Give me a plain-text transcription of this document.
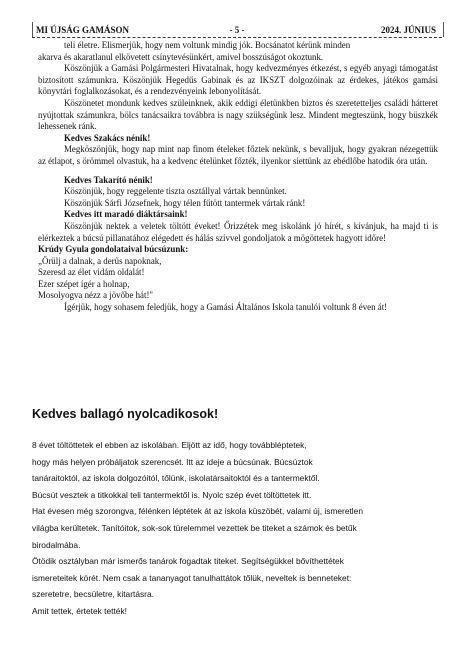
MI ÚJSÁG GAMÁSON	- 5 -	2024. JÚNIUS

teli életre. Elismerjük, hogy nem voltunk mindig jók. Bocsánatot kérünk minden

akarva és akaratlanul elkövetett csínytevésünkért, amivel bosszúságot okoztunk.

Köszönjük a Gamási Polgármesteri Hivatalnak, hogy kedvezményes étkezést, s egyéb anyagi támogatást biztosított számunkra. Köszönjük Hegedűs Gabinak és az IKSZT dolgozóinak az érdekes, játékos gamási könyvtári foglalkozásokat, és a rendezvényeink lebonyolítását.

Köszönetet mondunk kedves szüleinknek, akik eddigi életünkben biztos és szeretetteljes családi hátteret nyújtottak számunkra, bölcs tanácsaikra továbbra is nagy szükségünk lesz. Mindent megteszünk, hogy büszkék lehessenek ránk.

Kedves Szakács nénik!

Megköszönjük, hogy nap mint nap finom ételeket főztek nekünk, s bevalljuk, hogy gyakran nézegettük az étlapot, s örömmel olvastuk, ha a kedvenc ételünket főzték, ilyenkor siettünk az ebédlőbe hatodik óra után.

Kedves Takarító nénik!

Köszönjük, hogy reggelente tiszta osztállyal vártak bennünket.

Köszönjük Sárfi Józsefnek, hogy télen fűtött tantermek vártak ránk!

Kedves itt maradó diáktársaink!

Köszönjük nektek a veletek töltött éveket! Őrizzétek meg iskolánk jó hírét, s kívánjuk, ha majd ti is elérkeztek a búcsú pillanatához elégedett és hálás szívvel gondoljatok a mögöttetek hagyott időre!

Krúdy Gyula gondolataival búcsúzunk:

„Örülj a dalnak, a derűs napoknak,

Szeresd az élet vidám oldalát!

Ezer szépet ígér a holnap,

Mosolyogva nézz a jövőbe hát!"

Ígérjük, hogy sohasem feledjük, hogy a Gamási Általános Iskola tanulói voltunk 8 éven át!

Kedves ballagó nyolcadikosok!

8 évet töltöttetek el ebben az iskolában. Eljött az idő, hogy továbbléptetek,

hogy más helyen próbáljatok szerencsét. Itt az ideje a búcsúnak. Búcsúztok

tanáraitoktól, az iskola dolgozóitól, tőlünk, iskolatársaitoktól és a tantermektől.

Búcsút vesztek a titkokkal teli tantermektől is. Nyolc szép évet töltöttetek itt.

Hat évesen még szorongva, félénken léptétek át az iskola küszöbét, valami új, ismeretlen

világba kerültetek. Tanítóitok, sok-sok türelemmel vezettek be titeket a számok és betűk

birodalmába.

Ötödik osztályban már ismerős tanárok fogadtak titeket. Segítségükkel bővíthettétek

ismereteitek körét. Nem csak a tananyagot tanulhattátok tőlük, neveltek is benneteket:

szeretetre, becsületre, kitartásra.

Amit tettek, értetek tették!
